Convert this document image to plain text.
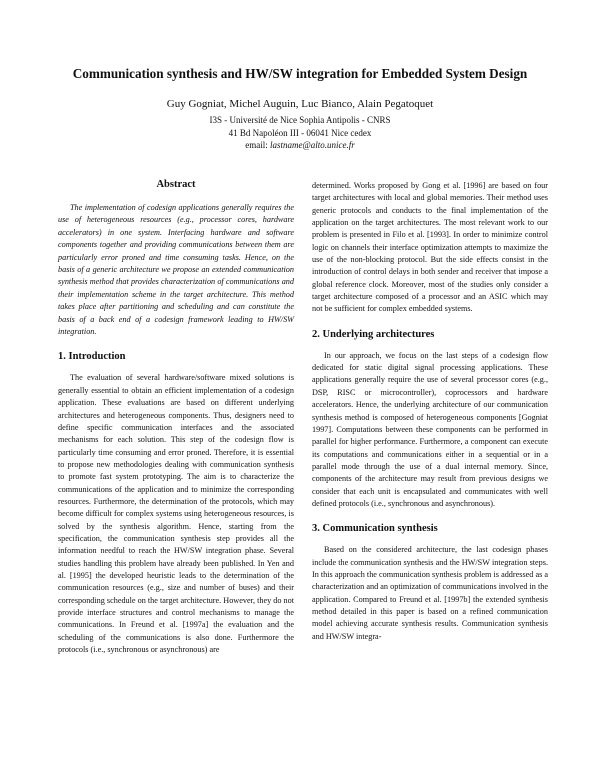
Communication synthesis and HW/SW integration for Embedded System Design
Guy Gogniat, Michel Auguin, Luc Bianco, Alain Pegatoquet
I3S - Université de Nice Sophia Antipolis - CNRS
41 Bd Napoléon III - 06041 Nice cedex
email: lastname@alto.unice.fr
Abstract

The implementation of codesign applications generally requires the use of heterogeneous resources (e.g., processor cores, hardware accelerators) in one system. Interfacing hardware and software components together and providing communications between them are particularly error proned and time consuming tasks. Hence, on the basis of a generic architecture we propose an extended communication synthesis method that provides characterization of communications and their implementation scheme in the target architecture. This method takes place after partitioning and scheduling and can constitute the basis of a back end of a codesign framework leading to HW/SW integration.

1. Introduction

The evaluation of several hardware/software mixed solutions is generally essential to obtain an efficient implementation of a codesign application. These evaluations are based on different underlying architectures and heterogeneous components. Thus, designers need to define specific communication interfaces and the associated mechanisms for each solution. This step of the codesign flow is particularly time consuming and error proned. Therefore, it is essential to propose new methodologies dealing with communication synthesis to promote fast system prototyping. The aim is to characterize the communications of the application and to minimize the corresponding resources. Furthermore, the determination of the protocols, which may become difficult for complex systems using heterogeneous resources, is solved by the synthesis algorithm. Hence, starting from the specification, the communication synthesis step provides all the information needful to reach the HW/SW integration phase. Several studies handling this problem have already been published. In Yen and al. [1995] the developed heuristic leads to the determination of the communication resources (e.g., size and number of buses) and their corresponding schedule on the target architecture. However, they do not provide interface structures and control mechanisms to manage the communications. In Freund et al. [1997a] the evaluation and the scheduling of the communications is also done. Furthermore the protocols (i.e., synchronous or asynchronous) are

determined. Works proposed by Gong et al. [1996] are based on four target architectures with local and global memories. Their method uses generic protocols and conducts to the final implementation of the application on the target architectures. The most relevant work to our problem is presented in Filo et al. [1993]. In order to minimize control logic on channels their interface optimization attempts to maximize the use of the non-blocking protocol. But the side effects consist in the introduction of control delays in both sender and receiver that impose a global reference clock. Moreover, most of the studies only consider a target architecture composed of a processor and an ASIC which may not be sufficient for complex embedded systems.

2. Underlying architectures

In our approach, we focus on the last steps of a codesign flow dedicated for static digital signal processing applications. These applications generally require the use of several processor cores (e.g., DSP, RISC or microcontroller), coprocessors and hardware accelerators. Hence, the underlying architecture of our communication synthesis method is composed of heterogeneous components [Gogniat 1997]. Computations between these components can be performed in parallel for higher performance. Furthermore, a component can execute its computations and communications either in a sequential or in a parallel mode through the use of a dual internal memory. Since, components of the architecture may result from previous designs we consider that each unit is encapsulated and communicates with well defined protocols (i.e., synchronous and asynchronous).

3. Communication synthesis

Based on the considered architecture, the last codesign phases include the communication synthesis and the HW/SW integration steps. In this approach the communication synthesis problem is addressed as a characterization and an optimization of communications involved in the application. Compared to Freund et al. [1997b] the extended synthesis method detailed in this paper is based on a refined communication model achieving accurate synthesis results. Communication synthesis and HW/SW integra-
